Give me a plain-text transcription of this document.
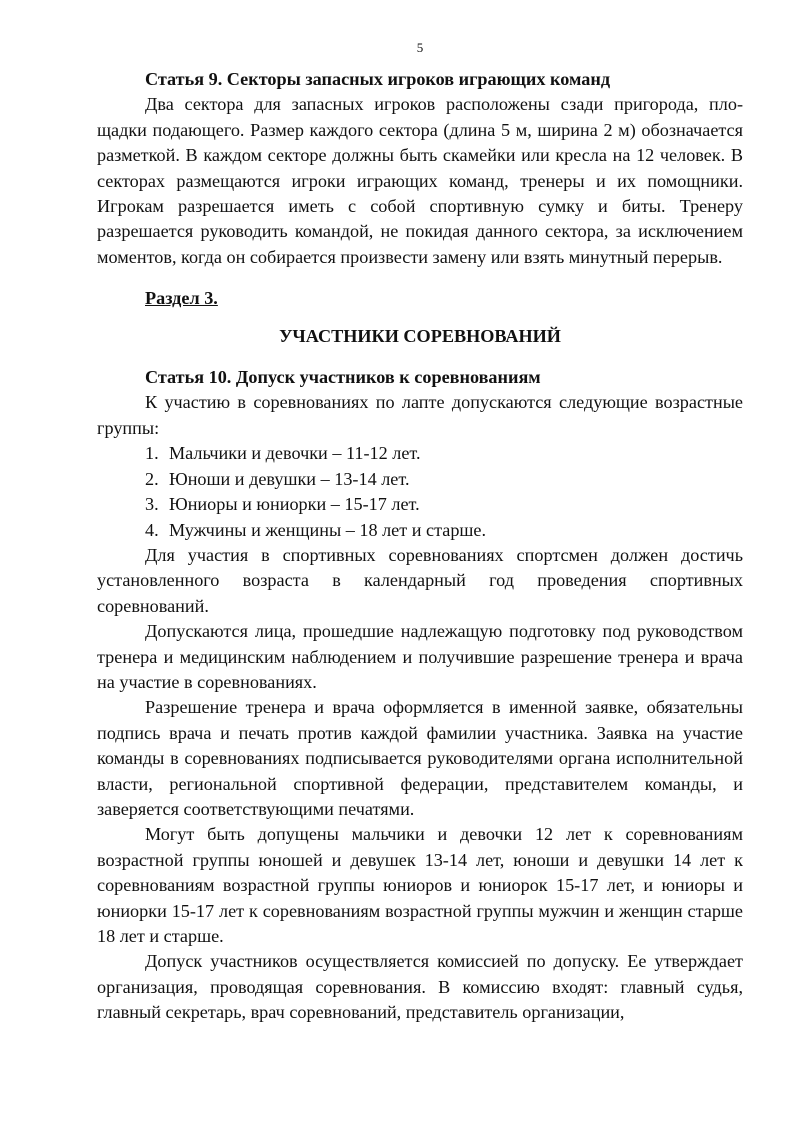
5

Статья 9. Секторы запасных игроков играющих команд

Два сектора для запасных игроков расположены сзади пригорода, пло-щадки подающего. Размер каждого сектора (длина 5 м, ширина 2 м) обозначается разметкой. В каждом секторе должны быть скамейки или кресла на 12 человек. В секторах размещаются игроки играющих команд, тренеры и их помощники. Игрокам разрешается иметь с собой спортивную сумку и биты. Тренеру разрешается руководить командой, не покидая данного сектора, за исключением моментов, когда он собирается произвести замену или взять минутный перерыв.

Раздел 3.

УЧАСТНИКИ СОРЕВНОВАНИЙ

Статья 10. Допуск участников к соревнованиям

К участию в соревнованиях по лапте допускаются следующие возрастные группы:

1. Мальчики и девочки – 11-12 лет.
2. Юноши и девушки – 13-14 лет.
3. Юниоры и юниорки – 15-17 лет.
4. Мужчины и женщины – 18 лет и старше.

Для участия в спортивных соревнованиях спортсмен должен достичь установленного возраста в календарный год проведения спортивных соревнований.

Допускаются лица, прошедшие надлежащую подготовку под руководством тренера и медицинским наблюдением и получившие разрешение тренера и врача на участие в соревнованиях.

Разрешение тренера и врача оформляется в именной заявке, обязательны подпись врача и печать против каждой фамилии участника. Заявка на участие команды в соревнованиях подписывается руководителями органа исполнительной власти, региональной спортивной федерации, представителем команды, и заверяется соответствующими печатями.

Могут быть допущены мальчики и девочки 12 лет к соревнованиям возрастной группы юношей и девушек 13-14 лет, юноши и девушки 14 лет к соревнованиям возрастной группы юниоров и юниорок 15-17 лет, и юниоры и юниорки 15-17 лет к соревнованиям возрастной группы мужчин и женщин старше 18 лет и старше.

Допуск участников осуществляется комиссией по допуску. Ее утверждает организация, проводящая соревнования. В комиссию входят: главный судья, главный секретарь, врач соревнований, представитель организации,
